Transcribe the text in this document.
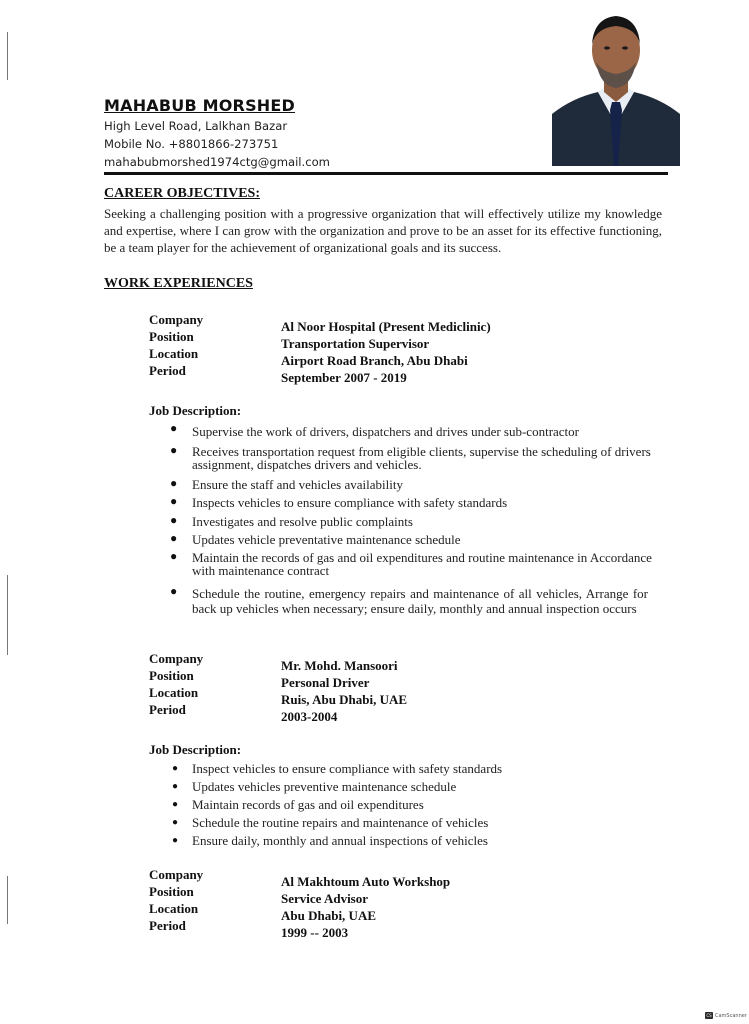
MAHABUB MORSHED
High Level Road, Lalkhan Bazar
Mobile No. +8801866-273751
mahabubmorshed1974ctg@gmail.com
CAREER OBJECTIVES:

Seeking a challenging position with a progressive organization that will effectively utilize my knowledge and expertise, where I can grow with the organization and prove to be an asset for its effective functioning, be a team player for the achievement of organizational goals and its success.

WORK EXPERIENCES
Company
Position
Location
Period
Al Noor Hospital (Present Mediclinic)
Transportation Supervisor
Airport Road Branch, Abu Dhabi
September 2007 - 2019
Job Description:
● Supervise the work of drivers, dispatchers and drives under sub-contractor
● Receives transportation request from eligible clients, supervise the scheduling of drivers assignment, dispatches drivers and vehicles.
● Ensure the staff and vehicles availability
● Inspects vehicles to ensure compliance with safety standards
● Investigates and resolve public complaints
● Updates vehicle preventative maintenance schedule
● Maintain the records of gas and oil expenditures and routine maintenance in Accordance with maintenance contract
● Schedule the routine, emergency repairs and maintenance of all vehicles, Arrange for back up vehicles when necessary; ensure daily, monthly and annual inspection occurs
Company
Position
Location
Period
Mr. Mohd. Mansoori
Personal Driver
Ruis, Abu Dhabi, UAE
2003-2004
Job Description:
● Inspect vehicles to ensure compliance with safety standards
● Updates vehicles preventive maintenance schedule
● Maintain records of gas and oil expenditures
● Schedule the routine repairs and maintenance of vehicles
● Ensure daily, monthly and annual inspections of vehicles
Company
Position
Location
Period
Al Makhtoum Auto Workshop
Service Advisor
Abu Dhabi, UAE
1999 -- 2003
CS CamScanner
